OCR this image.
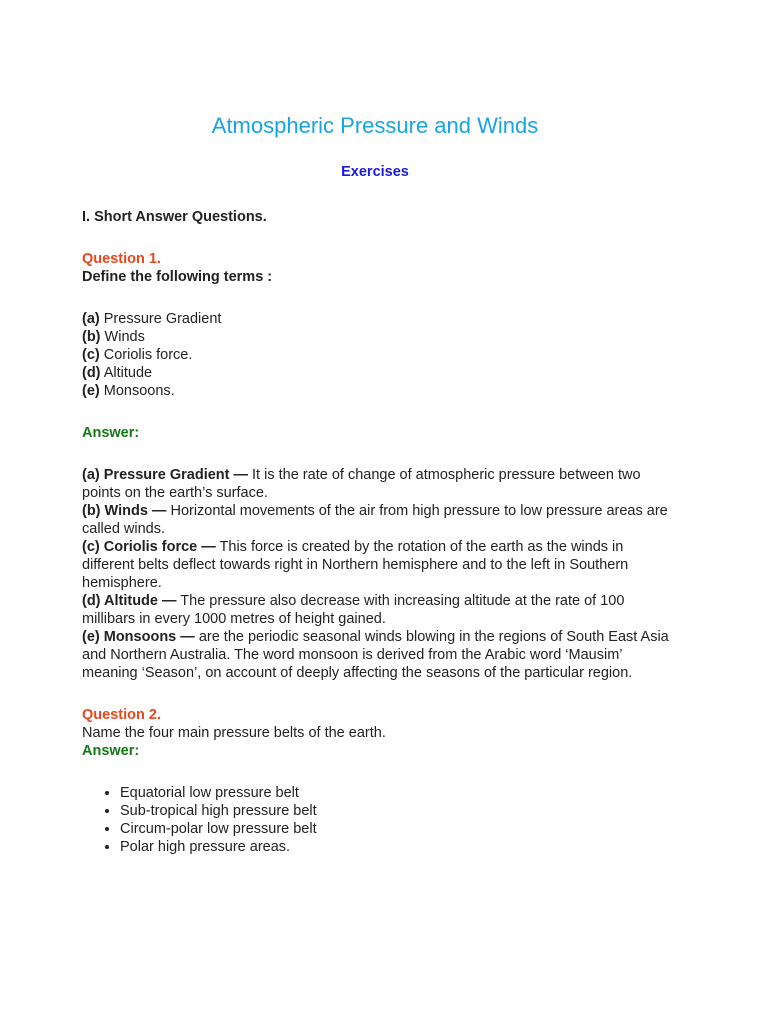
Atmospheric Pressure and Winds
Exercises

I. Short Answer Questions.

Question 1.

Define the following terms :

(a) Pressure Gradient

(b) Winds

(c) Coriolis force.

(d) Altitude

(e) Monsoons.

Answer:

(a) Pressure Gradient — It is the rate of change of atmospheric pressure between two points on the earth’s surface.

(b) Winds — Horizontal movements of the air from high pressure to low pressure areas are called winds.

(c) Coriolis force — This force is created by the rotation of the earth as the winds in different belts deflect towards right in Northern hemisphere and to the left in Southern hemisphere.

(d) Altitude — The pressure also decrease with increasing altitude at the rate of 100 millibars in every 1000 metres of height gained.

(e) Monsoons — are the periodic seasonal winds blowing in the regions of South East Asia and Northern Australia. The word monsoon is derived from the Arabic word ‘Mausim’ meaning ‘Season’, on account of deeply affecting the seasons of the particular region.

Question 2.

Name the four main pressure belts of the earth.

Answer:

• Equatorial low pressure belt
• Sub-tropical high pressure belt
• Circum-polar low pressure belt
• Polar high pressure areas.
